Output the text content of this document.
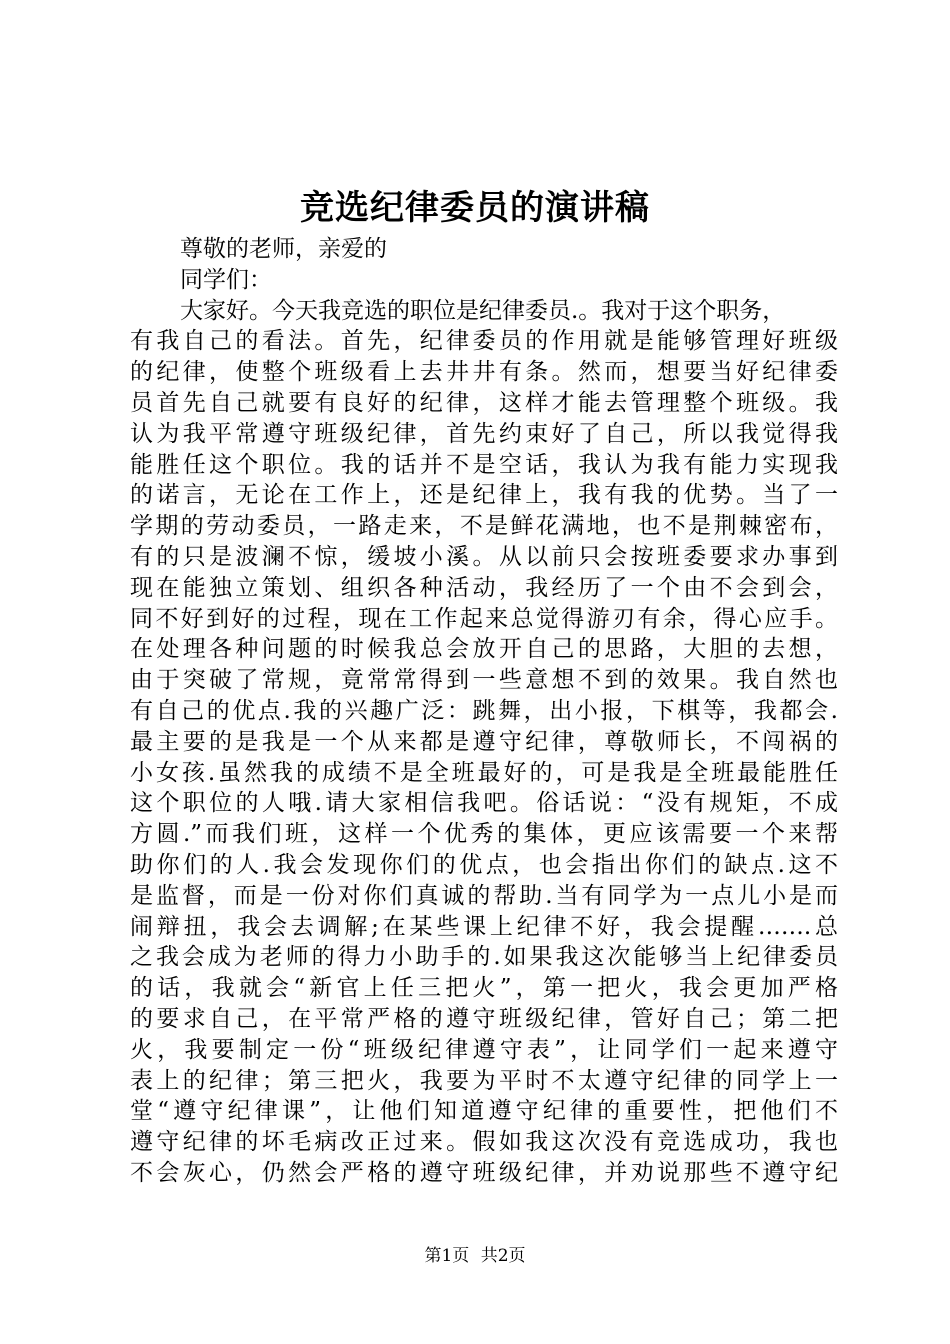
竞选纪律委员的演讲稿
尊敬的老师，亲爱的
同学们：
大家好。今天我竞选的职位是纪律委员.。我对于这个职务，
有我自己的看法。首先，纪律委员的作用就是能够管理好班级
的纪律，使整个班级看上去井井有条。然而，想要当好纪律委
员首先自己就要有良好的纪律，这样才能去管理整个班级。我
认为我平常遵守班级纪律，首先约束好了自己，所以我觉得我
能胜任这个职位。我的话并不是空话，我认为我有能力实现我
的诺言，无论在工作上，还是纪律上，我有我的优势。当了一
学期的劳动委员，一路走来，不是鲜花满地，也不是荆棘密布，
有的只是波澜不惊，缓坡小溪。从以前只会按班委要求办事到
现在能独立策划、组织各种活动，我经历了一个由不会到会，
同不好到好的过程，现在工作起来总觉得游刃有余，得心应手。
在处理各种问题的时候我总会放开自己的思路，大胆的去想，
由于突破了常规，竟常常得到一些意想不到的效果。我自然也
有自己的优点.我的兴趣广泛：跳舞，出小报，下棋等，我都会.
最主要的是我是一个从来都是遵守纪律，尊敬师长，不闯祸的
小女孩.虽然我的成绩不是全班最好的，可是我是全班最能胜任
这个职位的人哦.请大家相信我吧。俗话说：“没有规矩，不成
方圆.”而我们班，这样一个优秀的集体，更应该需要一个来帮
助你们的人.我会发现你们的优点，也会指出你们的缺点.这不
是监督，而是一份对你们真诚的帮助.当有同学为一点儿小是而
闹辩扭，我会去调解;在某些课上纪律不好，我会提醒…….总
之我会成为老师的得力小助手的.如果我这次能够当上纪律委员
的话，我就会“新官上任三把火”，第一把火，我会更加严格
的要求自己，在平常严格的遵守班级纪律，管好自己；第二把
火，我要制定一份“班级纪律遵守表”，让同学们一起来遵守
表上的纪律；第三把火，我要为平时不太遵守纪律的同学上一
堂“遵守纪律课”，让他们知道遵守纪律的重要性，把他们不
遵守纪律的坏毛病改正过来。假如我这次没有竞选成功，我也
不会灰心，仍然会严格的遵守班级纪律，并劝说那些不遵守纪
第1页 共2页
